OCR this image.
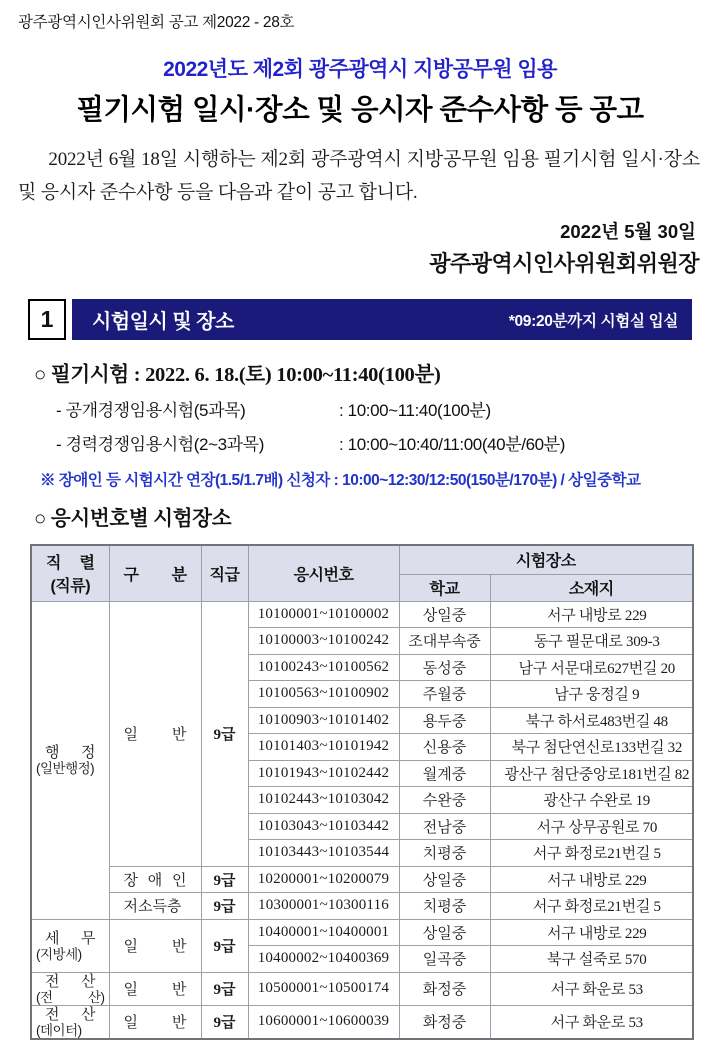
광주광역시인사위원회 공고 제2022 - 28호
2022년도 제2회 광주광역시 지방공무원 임용
필기시험 일시·장소 및 응시자 준수사항 등 공고
2022년 6월 18일 시행하는 제2회 광주광역시 지방공무원 임용 필기시험 일시·장소 및 응시자 준수사항 등을 다음과 같이 공고 합니다.
2022년 5월 30일
광주광역시인사위원회위원장
1	시험일시 및 장소	*09:20분까지 시험실 입실
○ 필기시험 : 2022. 6. 18.(토) 10:00~11:40(100분)
- 공개경쟁임용시험(5과목)	: 10:00~11:40(100분)
- 경력경쟁임용시험(2~3과목)	: 10:00~10:40/11:00(40분/60분)
※ 장애인 등 시험시간 연장(1.5/1.7배) 신청자 : 10:00~12:30/12:50(150분/170분) / 상일중학교
○ 응시번호별 시험장소
직 렬
(직류)	구 분	직급	응시번호	시험장소	
				학교	소재지

행 정
(일반행정)	일 반	9급	10100001~10100002	상일중	서구 내방로 229
			10100003~10100242	조대부속중	동구 필문대로 309-3
			10100243~10100562	동성중	남구 서문대로627번길 20
			10100563~10100902	주월중	남구 웅정길 9
			10100903~10101402	용두중	북구 하서로483번길 48
			10101403~10101942	신용중	북구 첨단연신로133번길 32
			10101943~10102442	월계중	광산구 첨단중앙로181번길 82
			10102443~10103042	수완중	광산구 수완로 19
			10103043~10103442	전남중	서구 상무공원로 70
			10103443~10103544	치평중	서구 화정로21번길 5

	장 애 인	9급	10200001~10200079	상일중	서구 내방로 229

	저소득층	9급	10300001~10300116	치평중	서구 화정로21번길 5

세 무
(지방세)	일 반	9급	10400001~10400001	상일중	서구 내방로 229
			10400002~10400369	일곡중	북구 설죽로 570

전 산
(전 산)	일 반	9급	10500001~10500174	화정중	서구 화운로 53

전 산
(데이터)	일 반	9급	10600001~10600039	화정중	서구 화운로 53
